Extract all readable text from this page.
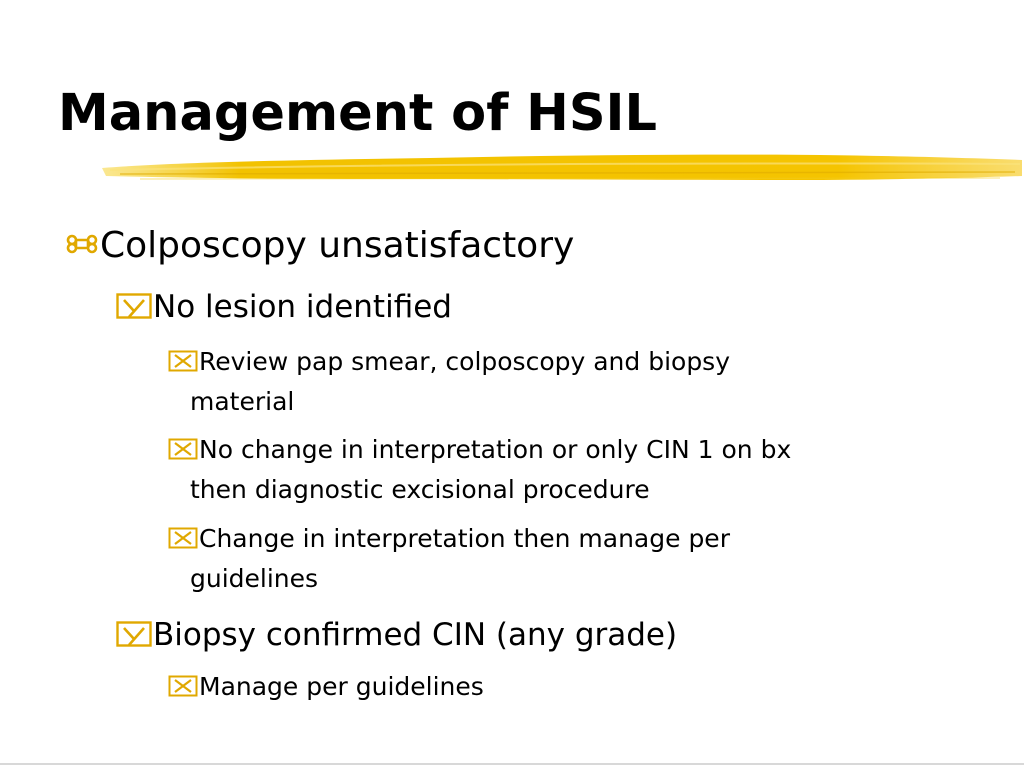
Management of HSIL
Colposcopy unsatisfactory
No lesion identified
Review pap smear, colposcopy and biopsy
material
No change in interpretation or only CIN 1 on bx
then diagnostic excisional procedure
Change in interpretation then manage per
guidelines
Biopsy confirmed CIN (any grade)
Manage per guidelines
